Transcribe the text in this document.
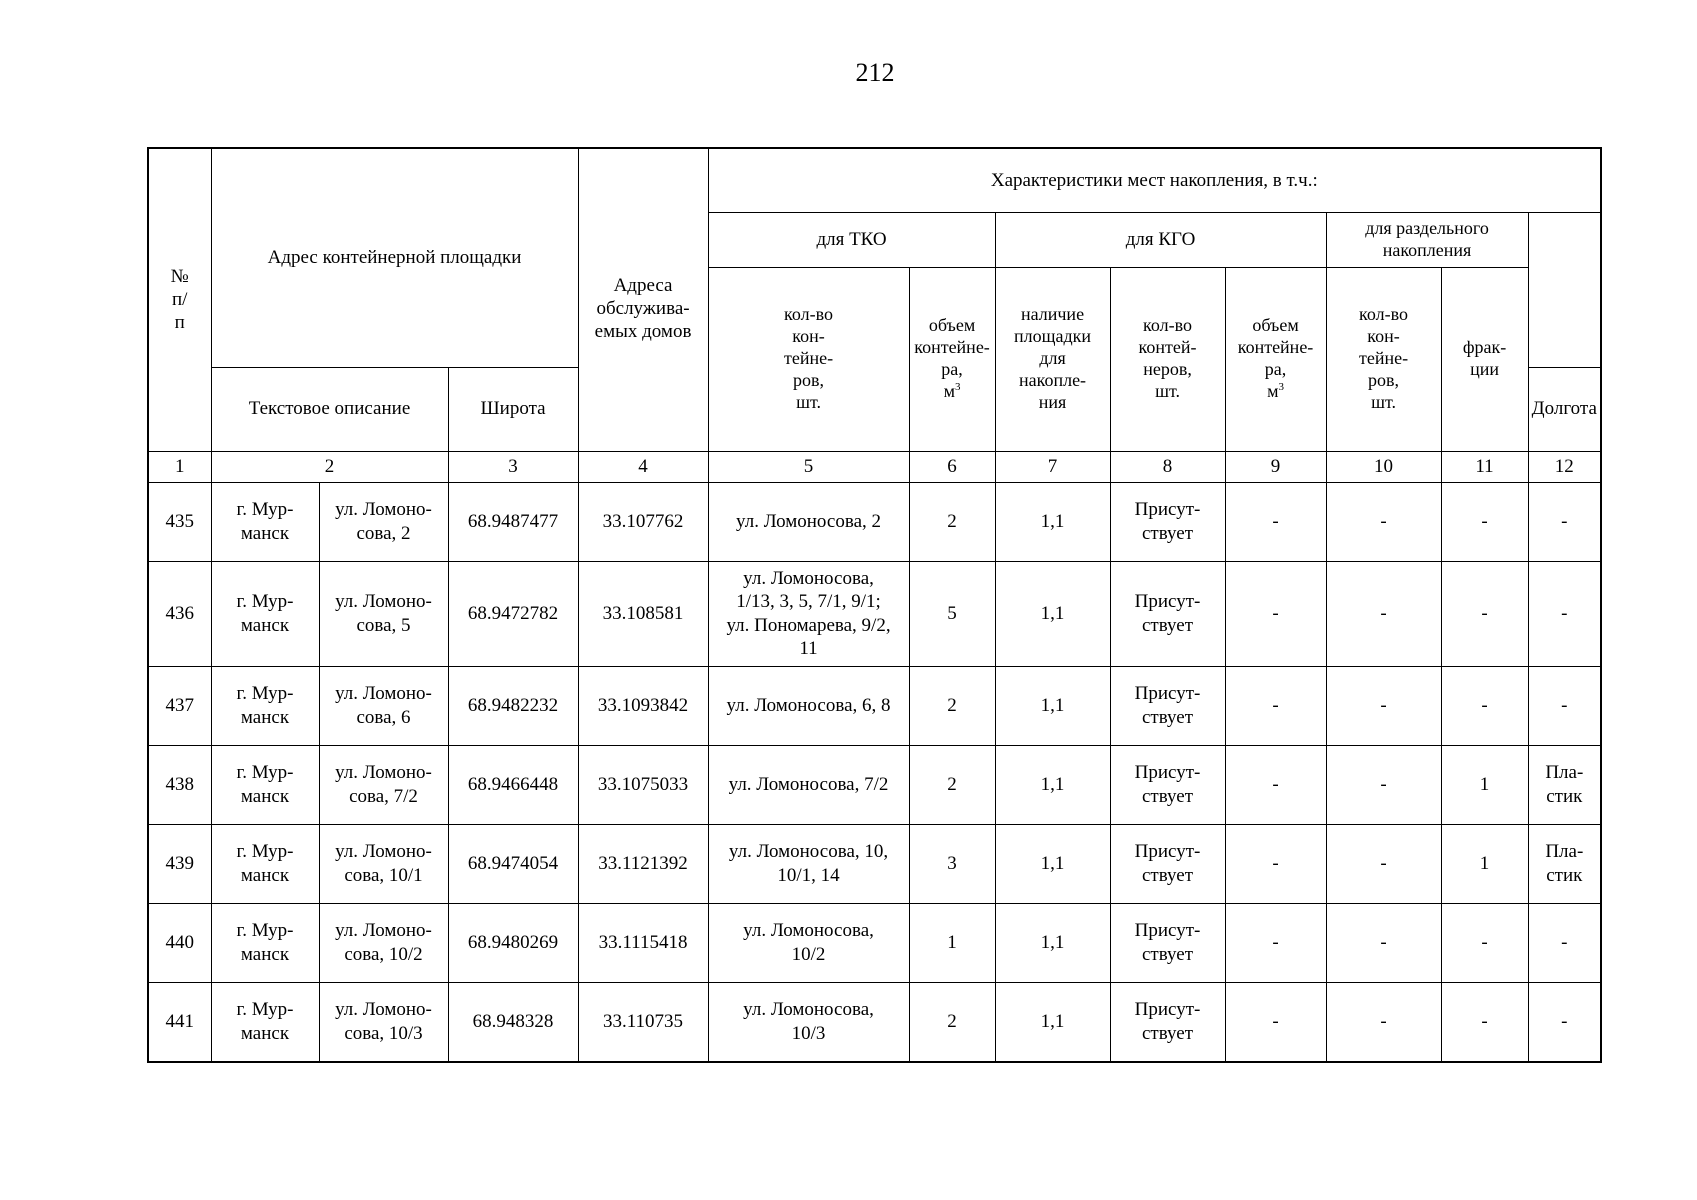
212
№ п/п	Адрес контейнерной площадки			Адреса обслужива-
емых домов	Характеристики мест накопления, в т.ч.:							
					для ТКО		для КГО			для раздельного накопления		
					кол-во
кон-
тейне-
ров,
шт.	объем
контейне-
ра,
$м^3$	наличие
площадки
для
накопле-
ния	кол-во
контей-
неров,
шт.	объем
контейне-
ра,
$м^3$	кол-во
кон-
тейне-
ров,
шт.	фрак-
ции	
	Текстовое описание		Широта									Долгота
1	2		3	4	5	6	7	8	9	10	11	12
435	г. Мур-
манск	ул. Ломоно-
сова, 2	68.9487477	33.107762	ул. Ломоносова, 2	2	1,1	Присут-
ствует	-	-	-	-
436	г. Мур-
манск	ул. Ломоно-
сова, 5	68.9472782	33.108581	ул. Ломоносова,
1/13, 3, 5, 7/1, 9/1;
ул. Пономарева, 9/2,
11	5	1,1	Присут-
ствует	-	-	-	-
437	г. Мур-
манск	ул. Ломоно-
сова, 6	68.9482232	33.1093842	ул. Ломоносова, 6, 8	2	1,1	Присут-
ствует	-	-	-	-
438	г. Мур-
манск	ул. Ломоно-
сова, 7/2	68.9466448	33.1075033	ул. Ломоносова, 7/2	2	1,1	Присут-
ствует	-	-	1	Пла-
стик
439	г. Мур-
манск	ул. Ломоно-
сова, 10/1	68.9474054	33.1121392	ул. Ломоносова, 10,
10/1, 14	3	1,1	Присут-
ствует	-	-	1	Пла-
стик
440	г. Мур-
манск	ул. Ломоно-
сова, 10/2	68.9480269	33.1115418	ул. Ломоносова,
10/2	1	1,1	Присут-
ствует	-	-	-	-
441	г. Мур-
манск	ул. Ломоно-
сова, 10/3	68.948328	33.110735	ул. Ломоносова,
10/3	2	1,1	Присут-
ствует	-	-	-	-
